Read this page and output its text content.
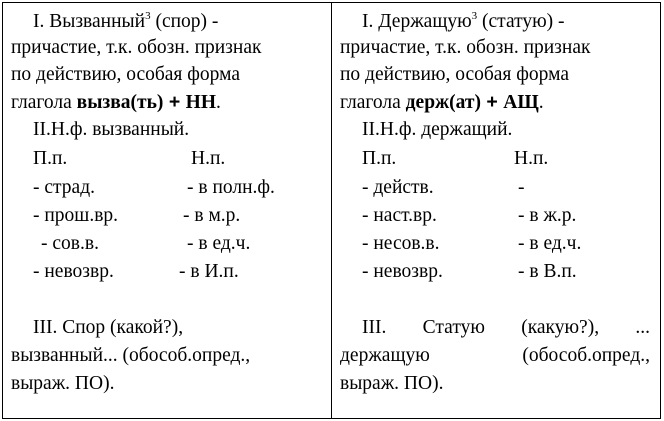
I. Вызванный$^3$ (спор) -
причастие, т.к. обозн. признак
по действию, особая форма
глагола вызва(ть) + НН.
II.Н.ф. вызванный.
П.п.	Н.п.
- страд.	- в полн.ф.
- прош.вр.	- в м.р.
- сов.в.	- в ед.ч.
- невозвр.	- в И.п.
III. Спор (какой?),
вызванный... (обособ.опред.,
выраж. ПО).
I. Держащую$^3$ (статую) -
причастие, т.к. обозн. признак
по действию, особая форма
глагола держ(ат) + АЩ.
II.Н.ф. держащий.
П.п.	Н.п.
- действ.	-
- наст.вр.	- в ж.р.
- несов.в.	- в ед.ч.
- невозвр.	- в В.п.
III. Статую (какую?), ...
держащую	(обособ.опред.,
выраж. ПО).
